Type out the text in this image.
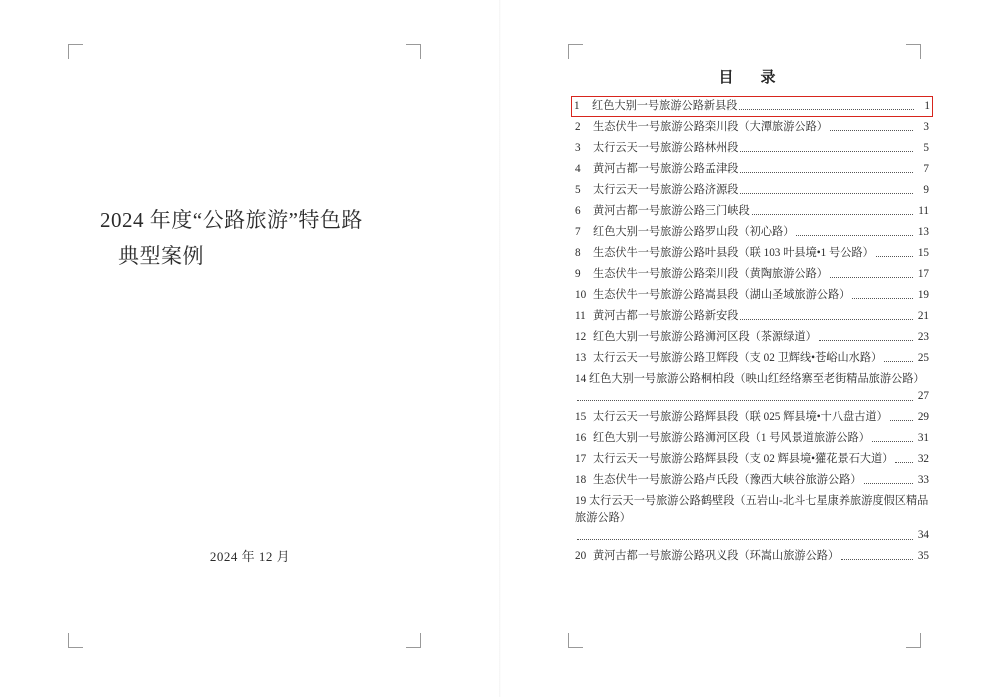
2024 年度“公路旅游”特色路
典型案例
2024 年 12 月
目　录
1	红色大别一号旅游公路新县段	1
2	生态伏牛一号旅游公路栾川段（大潭旅游公路）	3
3	太行云天一号旅游公路林州段	5
4	黄河古都一号旅游公路孟津段	7
5	太行云天一号旅游公路济源段	9
6	黄河古都一号旅游公路三门峡段	11
7	红色大别一号旅游公路罗山段（初心路）	13
8	生态伏牛一号旅游公路叶县段（联 103 叶县境•1 号公路）	15
9	生态伏牛一号旅游公路栾川段（黄陶旅游公路）	17
10 生态伏牛一号旅游公路嵩县段（湖山圣域旅游公路）	19
11 黄河古都一号旅游公路新安段	21
12 红色大别一号旅游公路浉河区段（茶源绿道）	23
13 太行云天一号旅游公路卫辉段（支 02 卫辉线•苍峪山水路）	25
14 红色大别一号旅游公路桐柏段（映山红经络寨至老街精品旅游公路）
27
15 太行云天一号旅游公路辉县段（联 025 辉县境•十八盘古道）	29
16 红色大别一号旅游公路浉河区段（1 号风景道旅游公路）	31
17 太行云天一号旅游公路辉县段（支 02 辉县境•獾花景石大道） 32
18 生态伏牛一号旅游公路卢氏段（豫西大峡谷旅游公路）	33
19 太行云天一号旅游公路鹤壁段（五岩山-北斗七星康养旅游度假区精品旅游公路）
34
20 黄河古都一号旅游公路巩义段（环嵩山旅游公路）	35
